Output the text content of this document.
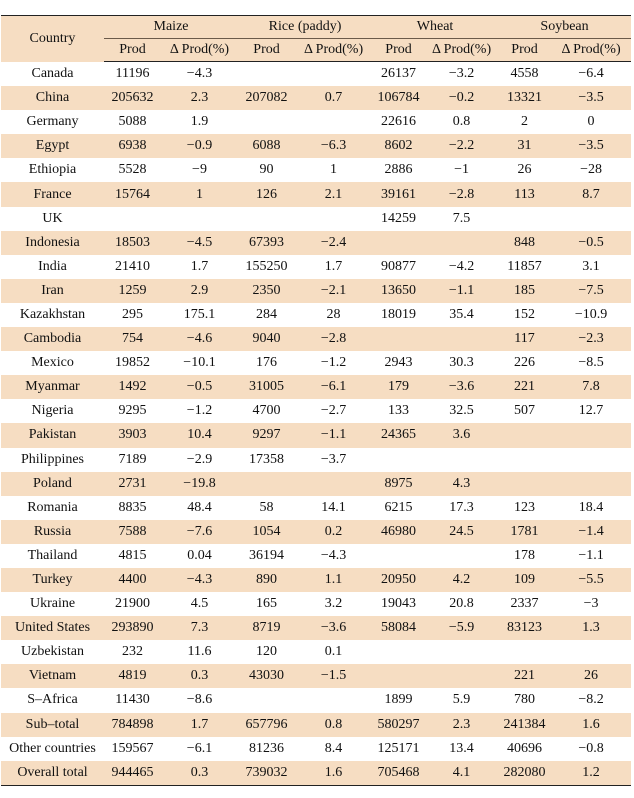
Country	Maize		Rice (paddy)		Wheat		Soybean	
	Prod	Δ Prod(%)	Prod	Δ Prod(%)	Prod	Δ Prod(%)	Prod	Δ Prod(%)
Canada	11196	−4.3			26137	−3.2	4558	−6.4
China	205632	2.3	207082	0.7	106784	−0.2	13321	−3.5
Germany	5088	1.9			22616	0.8	2	0
Egypt	6938	−0.9	6088	−6.3	8602	−2.2	31	−3.5
Ethiopia	5528	−9	90	1	2886	−1	26	−28
France	15764	1	126	2.1	39161	−2.8	113	8.7
UK					14259	7.5		
Indonesia	18503	−4.5	67393	−2.4			848	−0.5
India	21410	1.7	155250	1.7	90877	−4.2	11857	3.1
Iran	1259	2.9	2350	−2.1	13650	−1.1	185	−7.5
Kazakhstan	295	175.1	284	28	18019	35.4	152	−10.9
Cambodia	754	−4.6	9040	−2.8			117	−2.3
Mexico	19852	−10.1	176	−1.2	2943	30.3	226	−8.5
Myanmar	1492	−0.5	31005	−6.1	179	−3.6	221	7.8
Nigeria	9295	−1.2	4700	−2.7	133	32.5	507	12.7
Pakistan	3903	10.4	9297	−1.1	24365	3.6		
Philippines	7189	−2.9	17358	−3.7				
Poland	2731	−19.8			8975	4.3		
Romania	8835	48.4	58	14.1	6215	17.3	123	18.4
Russia	7588	−7.6	1054	0.2	46980	24.5	1781	−1.4
Thailand	4815	0.04	36194	−4.3			178	−1.1
Turkey	4400	−4.3	890	1.1	20950	4.2	109	−5.5
Ukraine	21900	4.5	165	3.2	19043	20.8	2337	−3
United States	293890	7.3	8719	−3.6	58084	−5.9	83123	1.3
Uzbekistan	232	11.6	120	0.1				
Vietnam	4819	0.3	43030	−1.5			221	26
S–Africa	11430	−8.6			1899	5.9	780	−8.2
Sub–total	784898	1.7	657796	0.8	580297	2.3	241384	1.6
Other countries	159567	−6.1	81236	8.4	125171	13.4	40696	−0.8
Overall total	944465	0.3	739032	1.6	705468	4.1	282080	1.2
